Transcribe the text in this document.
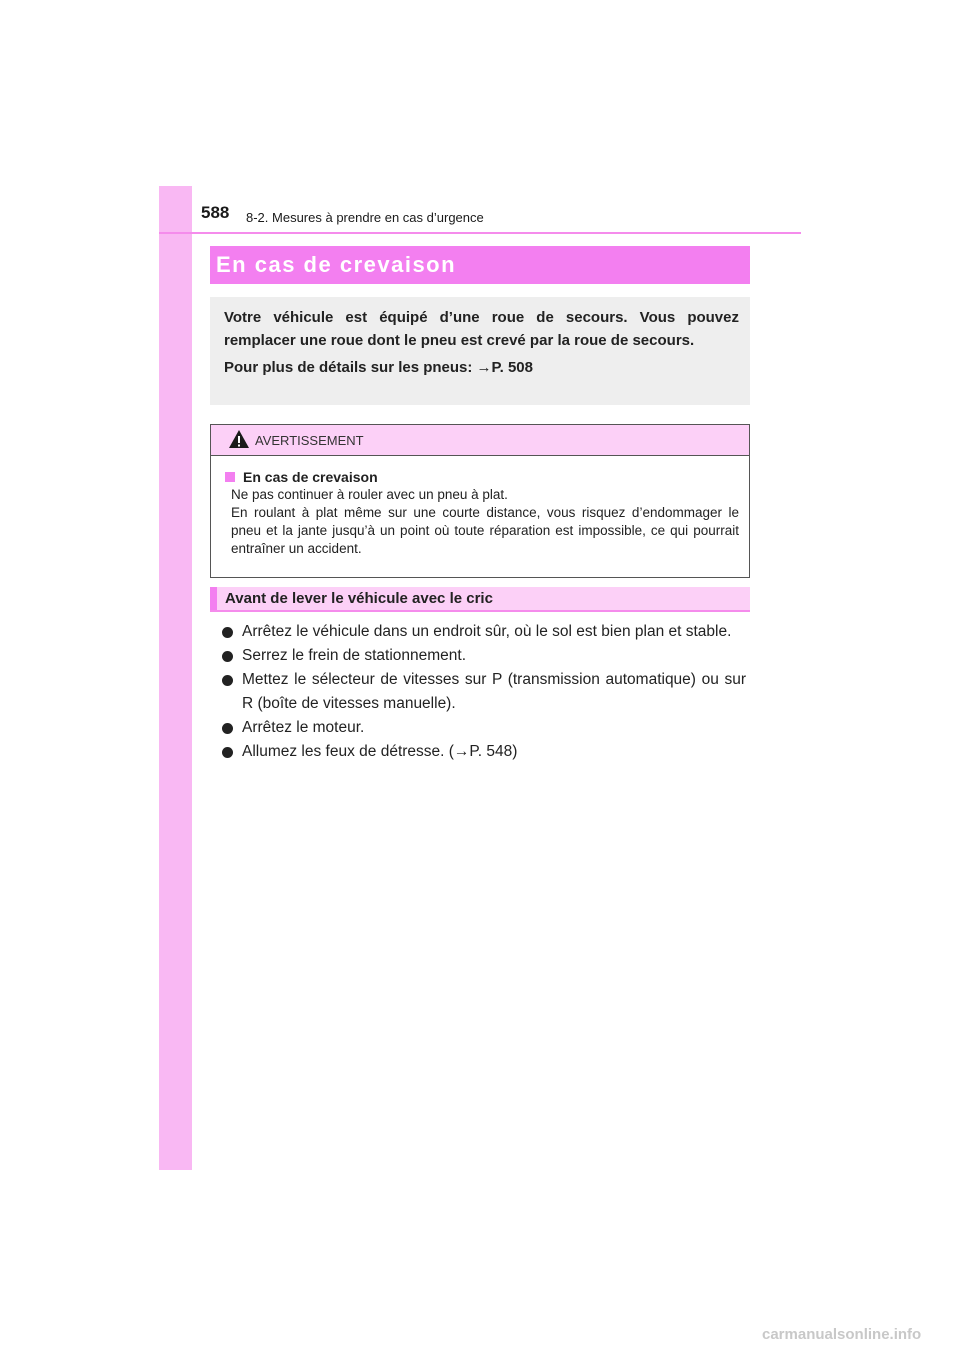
588 8-2. Mesures à prendre en cas d’urgence
En cas de crevaison

Votre véhicule est équipé d’une roue de secours. Vous pouvez remplacer une roue dont le pneu est crevé par la roue de secours.

Pour plus de détails sur les pneus: →P. 508

AVERTISSEMENT
En cas de crevaison

Ne pas continuer à rouler avec un pneu à plat.

En roulant à plat même sur une courte distance, vous risquez d’endommager le pneu et la jante jusqu’à un point où toute réparation est impossible, ce qui pourrait entraîner un accident.

Avant de lever le véhicule avec le cric
Arrêtez le véhicule dans un endroit sûr, où le sol est bien plan et stable.
Serrez le frein de stationnement.
Mettez le sélecteur de vitesses sur P (transmission automatique) ou sur R (boîte de vitesses manuelle).
Arrêtez le moteur.
Allumez les feux de détresse. (→P. 548)
carmanualsonline.info
